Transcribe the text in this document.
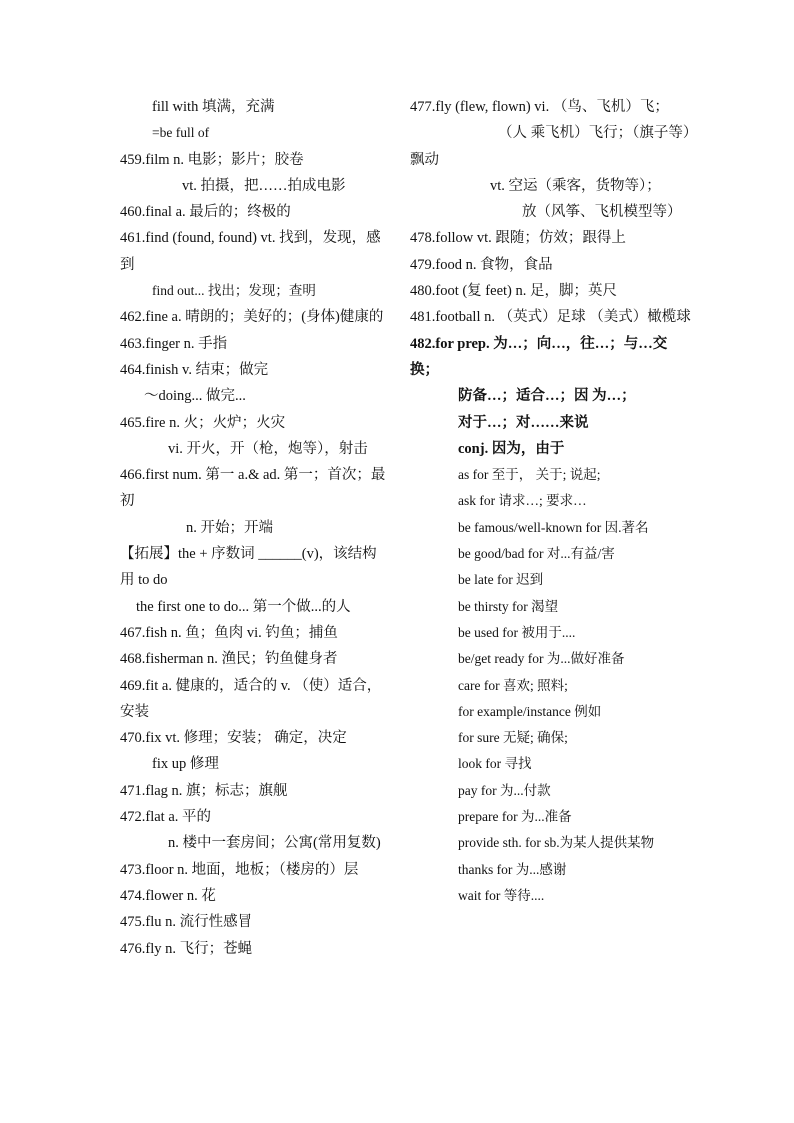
fill with 填满，充满
=be full of
459.film n. 电影；影片；胶卷
vt. 拍摄，把……拍成电影
460.final a. 最后的；终极的
461.find (found, found) vt. 找到，发现，感到
find out... 找出；发现；查明
462.fine a. 晴朗的；美好的；(身体)健康的
463.finger n. 手指
464.finish v. 结束；做完
～doing... 做完...
465.fire n. 火；火炉；火灾
vi. 开火，开（枪，炮等），射击
466.first num. 第一 a.& ad. 第一；首次；最初
n. 开始；开端
【拓展】the + 序数词 ______(v)，该结构用 to do
the first one to do... 第一个做...的人
467.fish n. 鱼；鱼肉 vi. 钓鱼；捕鱼
468.fisherman n. 渔民；钓鱼健身者
469.fit a. 健康的，适合的 v. （使）适合，安装
470.fix vt. 修理；安装； 确定，决定
fix up 修理
471.flag n. 旗；标志；旗舰
472.flat a. 平的
n. 楼中一套房间；公寓(常用复数)
473.floor n. 地面，地板；（楼房的）层
474.flower n. 花
475.flu n. 流行性感冒
476.fly n. 飞行；苍蝇
477.fly (flew, flown) vi. （鸟、飞机）飞；
（人 乘飞机）飞行；（旗子等）飘动
vt. 空运（乘客，货物等）；
放（风筝、飞机模型等）
478.follow vt. 跟随；仿效；跟得上
479.food n. 食物，食品
480.foot (复 feet) n. 足，脚；英尺
481.football n. （英式）足球 （美式）橄榄球
482.for prep. 为…；向…，往…；与…交换；
防备…；适合…；因 为…；
对于…；对……来说
conj. 因为，由于
as for 至于， 关于; 说起;
ask for 请求…; 要求…
be famous/well-known for 因.著名
be good/bad for 对...有益/害
be late for 迟到
be thirsty for 渴望
be used for 被用于....
be/get ready for 为...做好准备
care for 喜欢; 照料;
for example/instance 例如
for sure 无疑; 确保;
look for 寻找
pay for 为...付款
prepare for 为...准备
provide sth. for sb.为某人提供某物
thanks for 为...感谢
wait for 等待....
